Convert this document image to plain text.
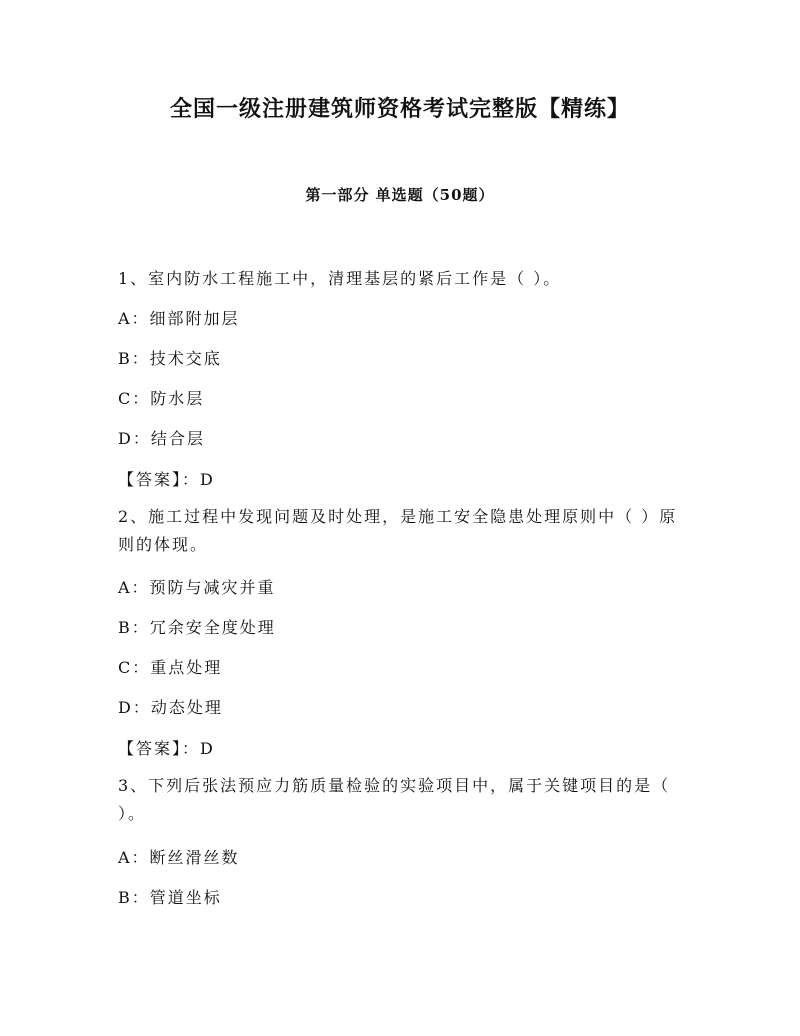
全国一级注册建筑师资格考试完整版【精练】
第一部分 单选题（50题）
1、室内防水工程施工中，清理基层的紧后工作是（ ）。
A：细部附加层
B：技术交底
C：防水层
D：结合层
【答案】：D
2、施工过程中发现问题及时处理，是施工安全隐患处理原则中（ ）原则的体现。
A：预防与减灾并重
B：冗余安全度处理
C：重点处理
D：动态处理
【答案】：D
3、下列后张法预应力筋质量检验的实验项目中，属于关键项目的是（ ）。
A：断丝滑丝数
B：管道坐标
